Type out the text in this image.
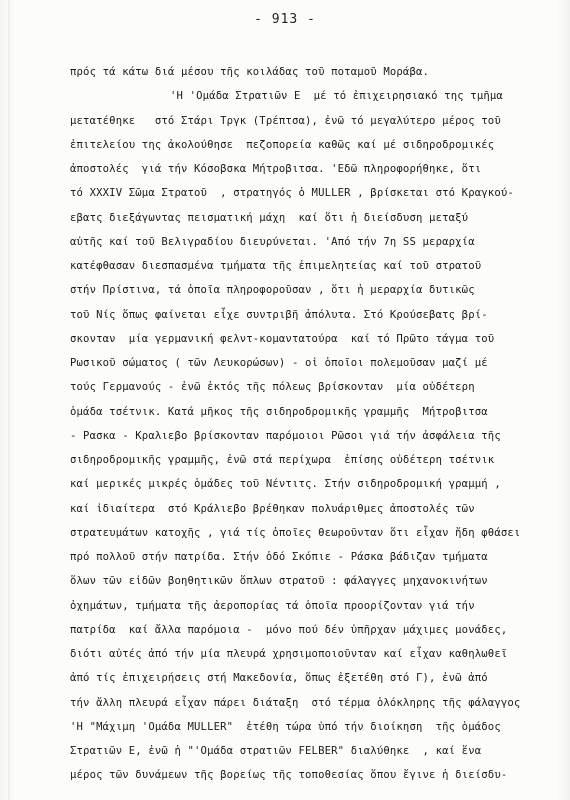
- 913 -
πρός τά κάτω διά μέσου τῆς κοιλάδας τοῦ ποταμοῦ Μοράβα.
'Η 'Ομάδα Στρατιῶν Ε  μέ τό ἐπιχειρησιακό της τμῆμα
μετατέθηκε   στό Στάρι Τργκ (Τρέπτσα), ἐνῶ τό μεγαλύτερο μέρος τοῦ
ἐπιτελείου της ἀκολούθησε  πεζοπορεία καθῶς καί μέ σιδηροδρομικές
ἀποστολές  γιά τήν Κόσοβσκα Μήτροβιτσα. 'Εδῶ πληροφορήθηκε, ὅτι
τό XXXIV Σῶμα Στρατοῦ  , στρατηγός ὁ MULLER , βρίσκεται στό Κραγκού-
εβατς διεξάγωντας πεισματική μάχη  καί ὅτι ἡ διείσδυση μεταξύ
αὐτῆς καί τοῦ Βελιγραδίου διευρύνεται. 'Από τήν 7η SS μεραρχία
κατέφθασαν διεσπασμένα τμήματα τῆς ἐπιμελητείας καί τοῦ στρατοῦ
στήν Πρίστινα, τά ὁποῖα πληροφοροῦσαν , ὅτι ἡ μεραρχία δυτικῶς
τοῦ Νίς ὅπως φαίνεται εἶχε συντριβῆ ἀπόλυτα. Στό Κρούσεβατς βρί-
σκονταν  μία γερμανική φελντ-κομαντατούρα  καί τό Πρῶτο τάγμα τοῦ
Ρωσικοῦ σώματος ( τῶν Λευκορώσων) - οἱ ὁποῖοι πολεμοῦσαν μαζί μέ
τούς Γερμανούς - ἐνῶ ἐκτός τῆς πόλεως βρίσκονταν  μία οὐδέτερη
ὁμάδα τσέτνικ. Κατά μῆκος τῆς σιδηροδρομικῆς γραμμῆς  Μήτροβιτσα
- Ρασκα - Κραλιεβο βρίσκονταν παρόμοιοι Ρῶσοι γιά τήν ἀσφάλεια τῆς
σιδηροδρομικῆς γραμμῆς, ἐνῶ στά περίχωρα  ἐπίσης οὐδέτερη τσέτνικ
καί μερικές μικρές ὁμάδες τοῦ Νέντιτς. Στήν σιδηροδρομική γραμμή ,
καί ἰδιαίτερα  στό Κράλιεβο βρέθηκαν πολυάριθμες ἀποστολές τῶν
στρατευμάτων κατοχῆς , γιά τίς ὁποῖες θεωροῦνταν ὅτι εἶχαν ἤδη φθάσει
πρό πολλοῦ στήν πατρίδα. Στήν ὁδό Σκόπιε - Ράσκα βάδιζαν τμήματα
ὅλων τῶν εἰδῶν βοηθητικῶν ὅπλων στρατοῦ : φάλαγγες μηχανοκινήτων
ὀχημάτων, τμήματα τῆς ἀεροπορίας τά ὁποῖα προορίζονταν γιά τήν
πατρίδα  καί ἄλλα παρόμοια -  μόνο πού δέν ὑπῆρχαν μάχιμες μονάδες,
διότι αὐτές ἀπό τήν μία πλευρά χρησιμοποιοῦνταν καί εἶχαν καθηλωθεῖ
ἀπό τίς ἐπιχειρήσεις στή Μακεδονία, ὅπως ἐξετέθη στό Γ), ἐνῶ ἀπό
τήν ἄλλη πλευρά εἶχαν πάρει διάταξη  στό τέρμα ὁλόκληρης τῆς φάλαγγος
'Η "Μάχιμη 'Ομάδα MULLER"  ἐτέθη τώρα ὑπό τήν διοίκηση  τῆς ὁμάδος
Στρατιῶν Ε, ἐνῶ ἡ "'Ομάδα στρατιῶν FELBER" διαλύθηκε  , καί ἕνα
μέρος τῶν δυνάμεων τῆς βορείως τῆς τοποθεσίας ὅπου ἔγινε ἡ διείσδυ-
